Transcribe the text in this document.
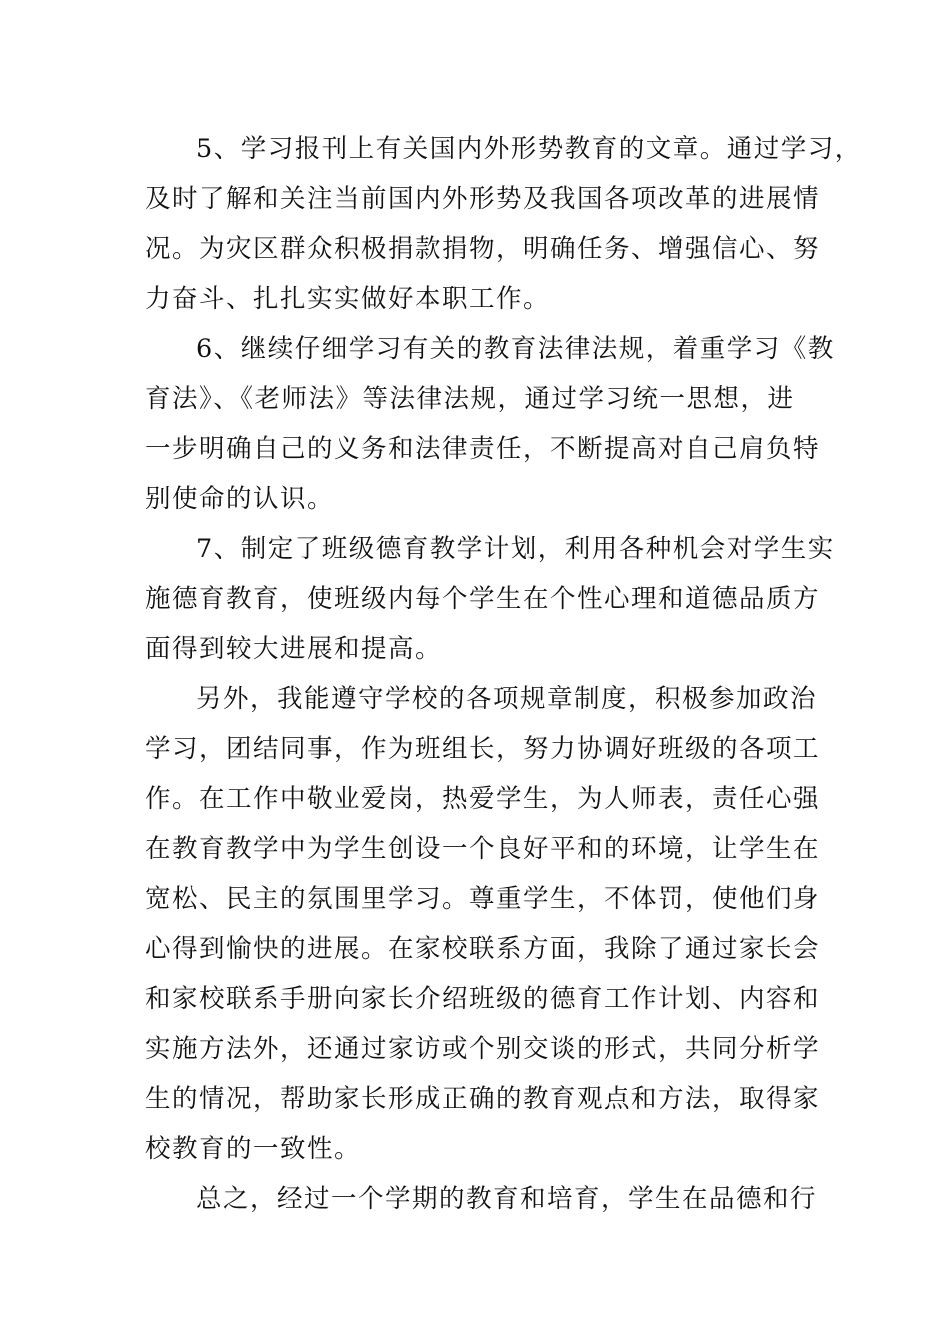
5、学习报刊上有关国内外形势教育的文章。通过学习，

及时了解和关注当前国内外形势及我国各项改革的进展情

况。为灾区群众积极捐款捐物，明确任务、增强信心、努

力奋斗、扎扎实实做好本职工作。

6、继续仔细学习有关的教育法律法规，着重学习《教

育法》、《老师法》等法律法规，通过学习统一思想，进

一步明确自己的义务和法律责任，不断提高对自己肩负特

别使命的认识。

7、制定了班级德育教学计划，利用各种机会对学生实

施德育教育，使班级内每个学生在个性心理和道德品质方

面得到较大进展和提高。

另外，我能遵守学校的各项规章制度，积极参加政治

学习，团结同事，作为班组长，努力协调好班级的各项工

作。在工作中敬业爱岗，热爱学生，为人师表，责任心强

在教育教学中为学生创设一个良好平和的环境，让学生在

宽松、民主的氛围里学习。尊重学生，不体罚，使他们身

心得到愉快的进展。在家校联系方面，我除了通过家长会

和家校联系手册向家长介绍班级的德育工作计划、内容和

实施方法外，还通过家访或个别交谈的形式，共同分析学

生的情况，帮助家长形成正确的教育观点和方法，取得家

校教育的一致性。

总之，经过一个学期的教育和培育，学生在品德和行
